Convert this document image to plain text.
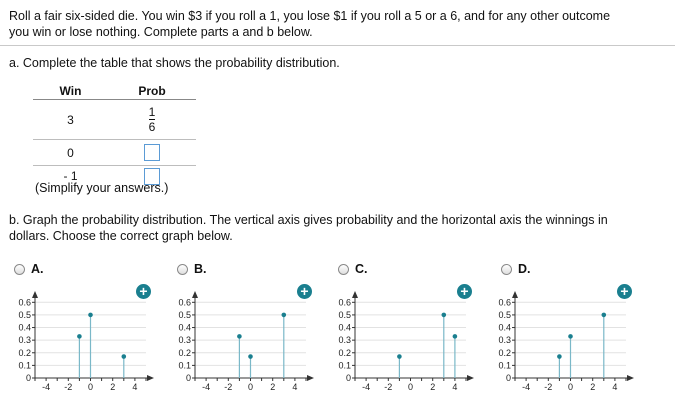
Roll a fair six-sided die. You win $3 if you roll a 1, you lose $1 if you roll a 5 or a 6, and for any other outcome
you win or lose nothing. Complete parts a and b below.
a. Complete the table that shows the probability distribution.
Win	Prob
3	$\frac{1}{6}$
0	
- 1	
(Simplify your answers.)
b. Graph the probability distribution. The vertical axis gives probability and the horizontal axis the winnings in
dollars. Choose the correct graph below.
A.	B.	C.	D.
+	+	+	+
0
0.1
0.2
0.3
0.4
0.5
0.6
-4 -2 0 2 4
0
0.1
0.2
0.3
0.4
0.5
0.6
-4 -2 0 2 4
0
0.1
0.2
0.3
0.4
0.5
0.6
-4 -2 0 2 4
0
0.1
0.2
0.3
0.4
0.5
0.6
-4 -2 0 2 4
